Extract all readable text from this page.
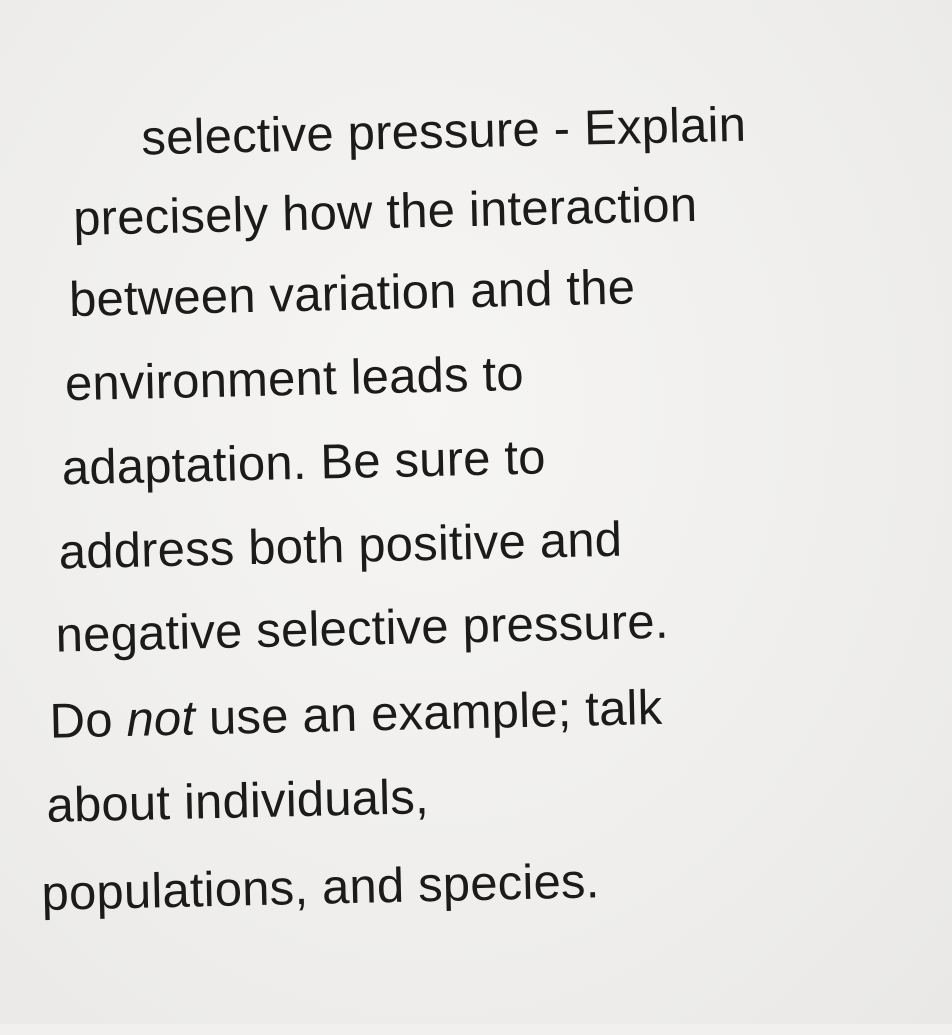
selective pressure - Explain
precisely how the interaction
between variation and the
environment leads to
adaptation. Be sure to
address both positive and
negative selective pressure.
Do not use an example; talk
about individuals,
populations, and species.
